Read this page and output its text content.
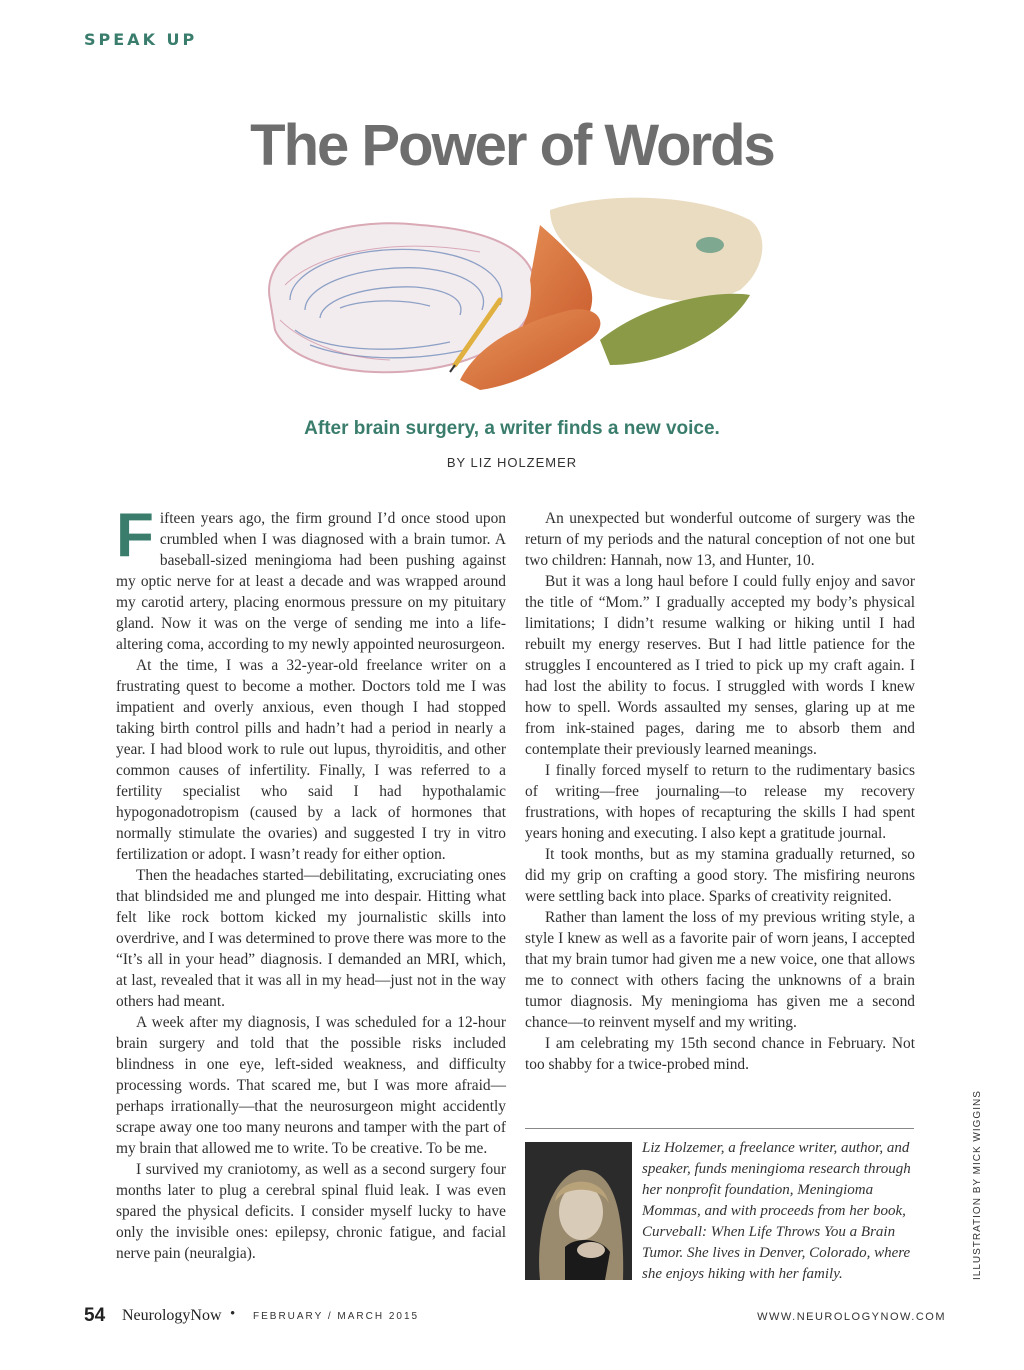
SPEAK UP
The Power of Words
After brain surgery, a writer finds a new voice.
BY LIZ HOLZEMER

Fifteen years ago, the firm ground I’d once stood upon crumbled when I was diagnosed with a brain tumor. A baseball-sized meningioma had been pushing against my optic nerve for at least a decade and was wrapped around my carotid artery, placing enormous pressure on my pituitary gland. Now it was on the verge of sending me into a life-altering coma, according to my newly appointed neurosurgeon.

At the time, I was a 32-year-old freelance writer on a frustrating quest to become a mother. Doctors told me I was impatient and overly anxious, even though I had stopped taking birth control pills and hadn’t had a period in nearly a year. I had blood work to rule out lupus, thyroiditis, and other common causes of infertility. Finally, I was referred to a fertility specialist who said I had hypothalamic hypogonadotropism (caused by a lack of hormones that normally stimulate the ovaries) and suggested I try in vitro fertilization or adopt. I wasn’t ready for either option.

Then the headaches started—debilitating, excruciating ones that blindsided me and plunged me into despair. Hitting what felt like rock bottom kicked my journalistic skills into overdrive, and I was determined to prove there was more to the “It’s all in your head” diagnosis. I demanded an MRI, which, at last, revealed that it was all in my head—just not in the way others had meant.

A week after my diagnosis, I was scheduled for a 12-hour brain surgery and told that the possible risks included blindness in one eye, left-sided weakness, and difficulty processing words. That scared me, but I was more afraid—perhaps irrationally—that the neurosurgeon might accidently scrape away one too many neurons and tamper with the part of my brain that allowed me to write. To be creative. To be me.

I survived my craniotomy, as well as a second surgery four months later to plug a cerebral spinal fluid leak. I was even spared the physical deficits. I consider myself lucky to have only the invisible ones: epilepsy, chronic fatigue, and facial nerve pain (neuralgia).

An unexpected but wonderful outcome of surgery was the return of my periods and the natural conception of not one but two children: Hannah, now 13, and Hunter, 10.

But it was a long haul before I could fully enjoy and savor the title of “Mom.” I gradually accepted my body’s physical limitations; I didn’t resume walking or hiking until I had rebuilt my energy reserves. But I had little patience for the struggles I encountered as I tried to pick up my craft again. I had lost the ability to focus. I struggled with words I knew how to spell. Words assaulted my senses, glaring up at me from ink-stained pages, daring me to absorb them and contemplate their previously learned meanings.

I finally forced myself to return to the rudimentary basics of writing—free journaling—to release my recovery frustrations, with hopes of recapturing the skills I had spent years honing and executing. I also kept a gratitude journal.

It took months, but as my stamina gradually returned, so did my grip on crafting a good story. The misfiring neurons were settling back into place. Sparks of creativity reignited.

Rather than lament the loss of my previous writing style, a style I knew as well as a favorite pair of worn jeans, I accepted that my brain tumor had given me a new voice, one that allows me to connect with others facing the unknowns of a brain tumor diagnosis. My meningioma has given me a second chance—to reinvent myself and my writing.

I am celebrating my 15th second chance in February. Not too shabby for a twice-probed mind.

Liz Holzemer, a freelance writer, author, and speaker, funds meningioma research through her nonprofit foundation, Meningioma Mommas, and with proceeds from her book, Curveball: When Life Throws You a Brain Tumor. She lives in Denver, Colorado, where she enjoys hiking with her family.	ILLUSTRATION BY MICK WIGGINS
54 NeurologyNow • FEBRUARY / MARCH 2015	WWW.NEUROLOGYNOW.COM
